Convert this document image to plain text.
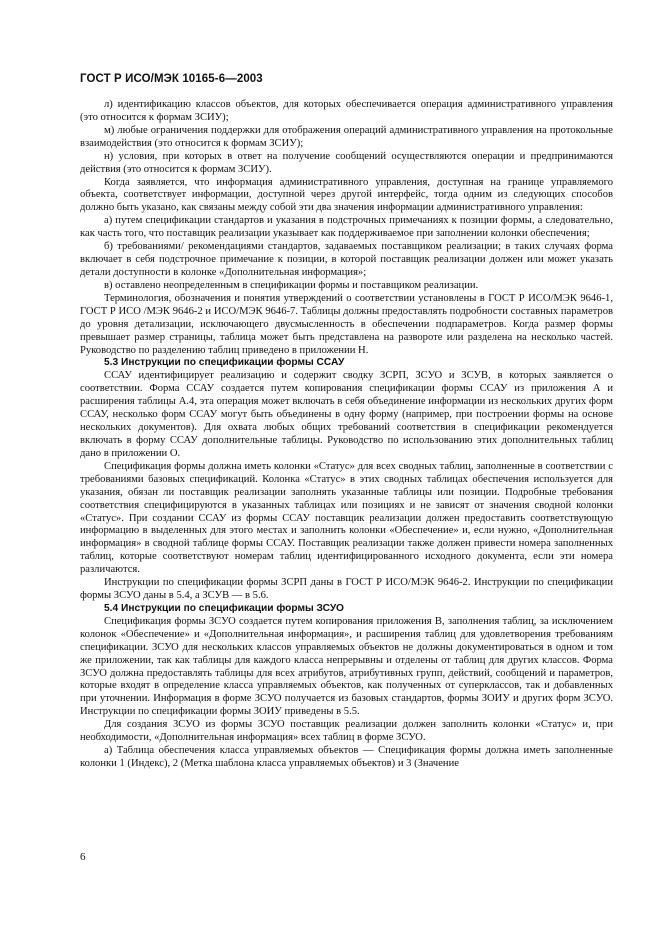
ГОСТ Р ИСО/МЭК 10165-6—2003

л) идентификацию классов объектов, для которых обеспечивается операция административного управления (это относится к формам ЗСИУ);

м) любые ограничения поддержки для отображения операций административного управления на протокольные взаимодействия (это относится к формам ЗСИУ);

н) условия, при которых в ответ на получение сообщений осуществляются операции и предпринимаются действия (это относится к формам ЗСИУ).

Когда заявляется, что информация административного управления, доступная на границе управляемого объекта, соответствует информации, доступной через другой интерфейс, тогда одним из следующих способов должно быть указано, как связаны между собой эти два значения информации административного управления:

а) путем спецификации стандартов и указания в подстрочных примечаниях к позиции формы, а следовательно, как часть того, что поставщик реализации указывает как поддерживаемое при заполнении колонки обеспечения;

б) требованиями/ рекомендациями стандартов, задаваемых поставщиком реализации; в таких случаях форма включает в себя подстрочное примечание к позиции, в которой поставщик реализации должен или может указать детали доступности в колонке «Дополнительная информация»;

в) оставлено неопределенным в спецификации формы и поставщиком реализации.

Терминология, обозначения и понятия утверждений о соответствии установлены в ГОСТ Р ИСО/МЭК 9646-1, ГОСТ Р ИСО /МЭК 9646-2 и ИСО/МЭК 9646-7. Таблицы должны предоставлять подробности составных параметров до уровня детализации, исключающего двусмысленность в обеспечении подпараметров. Когда размер формы превышает размер страницы, таблица может быть представлена на развороте или разделена на несколько частей. Руководство по разделению таблиц приведено в приложении Н.

5.3 Инструкции по спецификации формы ССАУ

ССАУ идентифицирует реализацию и содержит сводку ЗСРП, ЗСУО и ЗСУВ, в которых заявляется о соответствии. Форма ССАУ создается путем копирования спецификации формы ССАУ из приложения А и расширения таблицы А.4, эта операция может включать в себя объединение информации из нескольких других форм ССАУ, несколько форм ССАУ могут быть объединены в одну форму (например, при построении формы на основе нескольких документов). Для охвата любых общих требований соответствия в спецификации рекомендуется включать в форму ССАУ дополнительные таблицы. Руководство по использованию этих дополнительных таблиц дано в приложении О.

Спецификация формы должна иметь колонки «Статус» для всех сводных таблиц, заполненные в соответствии с требованиями базовых спецификаций. Колонка «Статус» в этих сводных таблицах обеспечения используется для указания, обязан ли поставщик реализации заполнять указанные таблицы или позиции. Подробные требования соответствия специфицируются в указанных таблицах или позициях и не зависят от значения сводной колонки «Статус». При создании ССАУ из формы ССАУ поставщик реализации должен предоставить соответствующую информацию в выделенных для этого местах и заполнить колонки «Обеспечение» и, если нужно, «Дополнительная информация» в сводной таблице формы ССАУ. Поставщик реализации также должен привести номера заполненных таблиц, которые соответствуют номерам таблиц идентифицированного исходного документа, если эти номера различаются.

Инструкции по спецификации формы ЗСРП даны в ГОСТ Р ИСО/МЭК 9646-2. Инструкции по спецификации формы ЗСУО даны в 5.4, а ЗСУВ — в 5.6.

5.4 Инструкции по спецификации формы ЗСУО

Спецификация формы ЗСУО создается путем копирования приложения В, заполнения таблиц, за исключением колонок «Обеспечение» и «Дополнительная информация», и расширения таблиц для удовлетворения требованиям спецификации. ЗСУО для нескольких классов управляемых объектов не должны документироваться в одном и том же приложении, так как таблицы для каждого класса непрерывны и отделены от таблиц для других классов. Форма ЗСУО должна предоставлять таблицы для всех атрибутов, атрибутивных групп, действий, сообщений и параметров, которые входят в определение класса управляемых объектов, как полученных от суперклассов, так и добавленных при уточнении. Информация в форме ЗСУО получается из базовых стандартов, формы ЗОИУ и других форм ЗСУО. Инструкции по спецификации формы ЗОИУ приведены в 5.5.

Для создания ЗСУО из формы ЗСУО поставщик реализации должен заполнить колонки «Статус» и, при необходимости, «Дополнительная информация» всех таблиц в форме ЗСУО.

а) Таблица обеспечения класса управляемых объектов — Спецификация формы должна иметь заполненные колонки 1 (Индекс), 2 (Метка шаблона класса управляемых объектов) и 3 (Значение

6
